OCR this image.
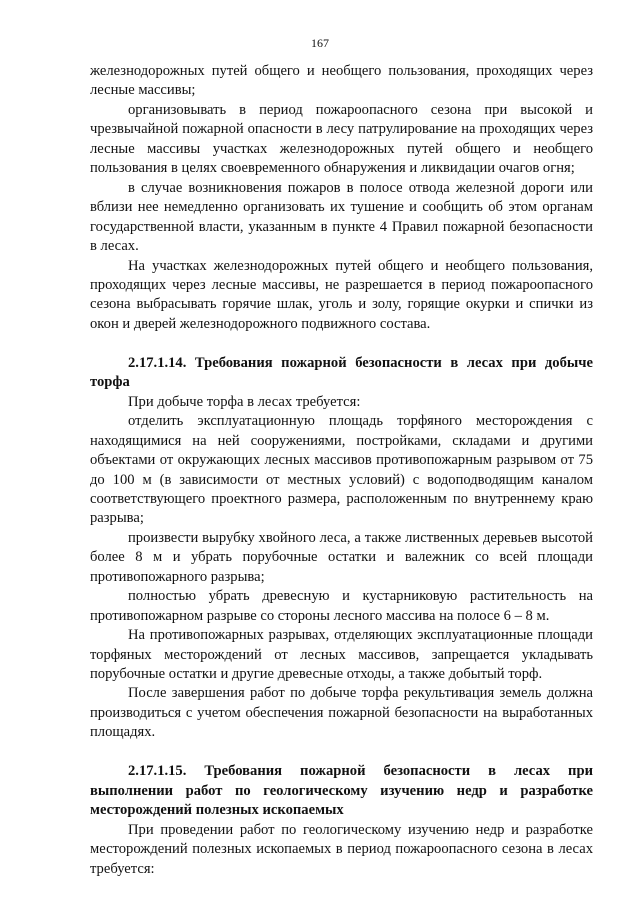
167

железнодорожных путей общего и необщего пользования, проходящих через лесные массивы;

организовывать в период пожароопасного сезона при высокой и чрезвычайной пожарной опасности в лесу патрулирование на проходящих через лесные массивы участках железнодорожных путей общего и необщего пользования в целях своевременного обнаружения и ликвидации очагов огня;

в случае возникновения пожаров в полосе отвода железной дороги или вблизи нее немедленно организовать их тушение и сообщить об этом органам государственной власти, указанным в пункте 4 Правил пожарной безопасности в лесах.

На участках железнодорожных путей общего и необщего пользования, проходящих через лесные массивы, не разрешается в период пожароопасного сезона выбрасывать горячие шлак, уголь и золу, горящие окурки и спички из окон и дверей железнодорожного подвижного состава.

2.17.1.14. Требования пожарной безопасности в лесах при добыче торфа

При добыче торфа в лесах требуется:

отделить эксплуатационную площадь торфяного месторождения с находящимися на ней сооружениями, постройками, складами и другими объектами от окружающих лесных массивов противопожарным разрывом от 75 до 100 м (в зависимости от местных условий) с водоподводящим каналом соответствующего проектного размера, расположенным по внутреннему краю разрыва;

произвести вырубку хвойного леса, а также лиственных деревьев высотой более 8 м и убрать порубочные остатки и валежник со всей площади противопожарного разрыва;

полностью убрать древесную и кустарниковую растительность на противопожарном разрыве со стороны лесного массива на полосе 6 – 8 м.

На противопожарных разрывах, отделяющих эксплуатационные площади торфяных месторождений от лесных массивов, запрещается укладывать порубочные остатки и другие древесные отходы, а также добытый торф.

После завершения работ по добыче торфа рекультивация земель должна производиться с учетом обеспечения пожарной безопасности на выработанных площадях.

2.17.1.15. Требования пожарной безопасности в лесах при выполнении работ по геологическому изучению недр и разработке месторождений полезных ископаемых

При проведении работ по геологическому изучению недр и разработке месторождений полезных ископаемых в период пожароопасного сезона в лесах требуется:
